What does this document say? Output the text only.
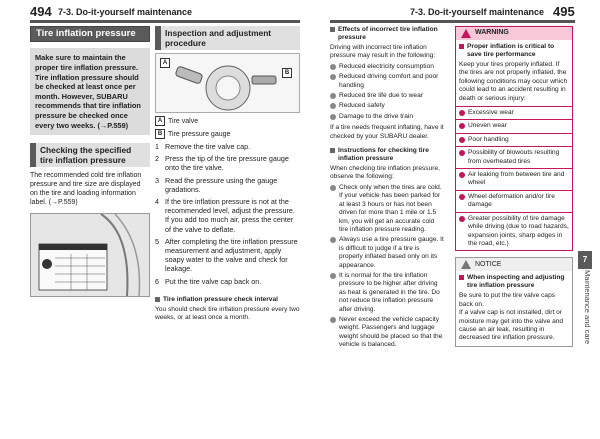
494 7-3. Do-it-yourself maintenance	7-3. Do-it-yourself maintenance 495
Tire inflation pressure
Make sure to maintain the proper tire inflation pressure. Tire inflation pressure should be checked at least once per month. However, SUBARU recommends that tire inflation pressure be checked once every two weeks. (→P.559)
Checking the specified tire inflation pressure
The recommended cold tire inflation pressure and tire size are displayed on the tire and loading information label. (→P.559)
Inspection and adjustment procedure
A
B
A Tire valve
B Tire pressure gauge
1 Remove the tire valve cap.
2 Press the tip of the tire pressure gauge onto the tire valve.
3 Read the pressure using the gauge gradations.
4 If the tire inflation pressure is not at the recommended level, adjust the pressure. If you add too much air, press the center of the valve to deflate.
5 After completing the tire inflation pressure measurement and adjustment, apply soapy water to the valve and check for leakage.
6 Put the tire valve cap back on.
Tire inflation pressure check interval
You should check tire inflation pressure every two weeks, or at least once a month.
Effects of incorrect tire inflation pressure
Driving with incorrect tire inflation pressure may result in the following:
Reduced electricity consumption
Reduced driving comfort and poor handling
Reduced tire life due to wear
Reduced safety
Damage to the drive train
If a tire needs frequent inflating, have it checked by your SUBARU dealer.
Instructions for checking tire inflation pressure
When checking tire inflation pressure, observe the following:
Check only when the tires are cold.
If your vehicle has been parked for at least 3 hours or has not been driven for more than 1 mile or 1.5 km, you will get an accurate cold tire inflation pressure reading.
Always use a tire pressure gauge. It is difficult to judge if a tire is properly inflated based only on its appearance.
It is normal for the tire inflation pressure to be higher after driving as heat is generated in the tire. Do not reduce tire inflation pressure after driving.
Never exceed the vehicle capacity weight. Passengers and luggage weight should be placed so that the vehicle is balanced.
WARNING
Proper inflation is critical to save tire performance
Keep your tires properly inflated. If the tires are not properly inflated, the following conditions may occur which could lead to an accident resulting in death or serious injury:
Excessive wear
Uneven wear
Poor handling
Possibility of blowouts resulting from overheated tires
Air leaking from between tire and wheel
Wheel deformation and/or tire damage
Greater possibility of tire damage while driving (due to road hazards, expansion joints, sharp edges in the road, etc.)
NOTICE
When inspecting and adjusting tire inflation pressure
Be sure to put the tire valve caps back on.
If a valve cap is not installed, dirt or moisture may get into the valve and cause an air leak, resulting in decreased tire inflation pressure.
7
Maintenance and care
